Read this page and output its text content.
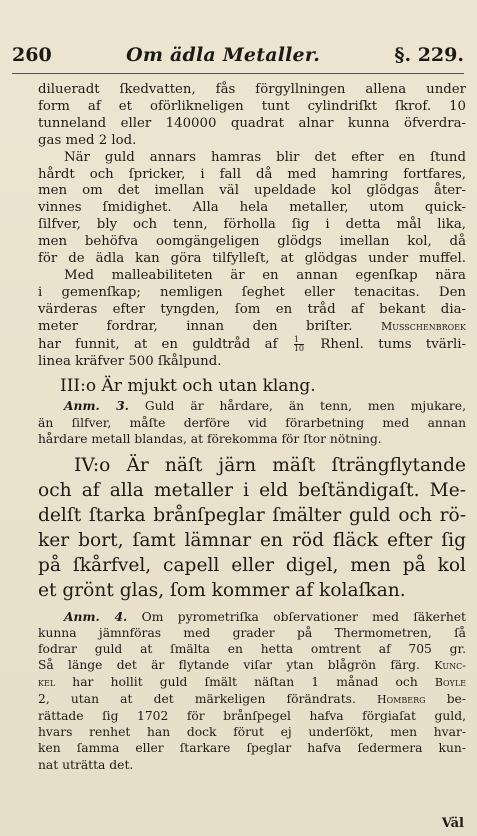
260	Om ädla Metaller.	§. 229.
dilueradt ſkedvatten, fås förgyllningen allena under
form af et oförlikneligen tunt cylindriſkt ſkrof. 10
tunneland eller 140000 quadrat alnar kunna öfverdra-
gas med 2 lod.
När guld annars hamras blir det efter en ſtund
hårdt och ſpricker, i fall då med hamring fortfares,
men om det imellan väl upeldade kol glödgas åter-
vinnes ſmidighet. Alla hela metaller, utom quick-
ſilfver, bly och tenn, förholla ſig i detta mål lika,
men behöfva oomgängeligen glödgs imellan kol, då
för de ädla kan göra tilfylleſt, at glödgas under muffel.
Med malleabiliteten är en annan egenſkap nära
i gemenſkap; nemligen ſeghet eller tenacitas. Den
värderas efter tyngden, ſom en tråd af bekant dia-
meter fordrar, innan den briſter.	Musschenbroek
har funnit, at en guldtråd af $\frac{1}{10}$ Rhenl. tums tvärli-
linea kräfver 500 ſkålpund.
III:o Är mjukt och utan klang.
Anm. 3. Guld är hårdare, än tenn, men mjukare,
än ſilfver, måſte derföre vid förarbetning med annan
hårdare metall blandas, at förekomma för ſtor nötning.
IV:o Är näſt järn mäſt ſträngflytande
och af alla metaller i eld beſtändigaſt. Me-
delſt ſtarka brånſpeglar ſmälter guld och rö-
ker bort, ſamt lämnar en röd fläck efter ſig
på ſkårfvel, capell eller digel, men på kol
et grönt glas, ſom kommer af kolaſkan.
Anm. 4. Om pyrometriſka obſervationer med ſäkerhet
kunna jämnföras med grader på Thermometren, ſå
fodrar guld at ſmälta en hetta omtrent af 705 gr.
Så länge det är flytande viſar ytan blågrön färg. Kunc-
kel har hollit guld ſmält näſtan 1 månad och Boyle
2, utan at det märkeligen förändrats. Homberg be-
rättade ſig 1702 för brånſpegel hafva förgiaſat guld,
hvars renhet han dock förut ej underſökt, men hvar-
ken ſamma eller ſtarkare ſpeglar hafva ſedermera kun-
nat uträtta det.
Väl
